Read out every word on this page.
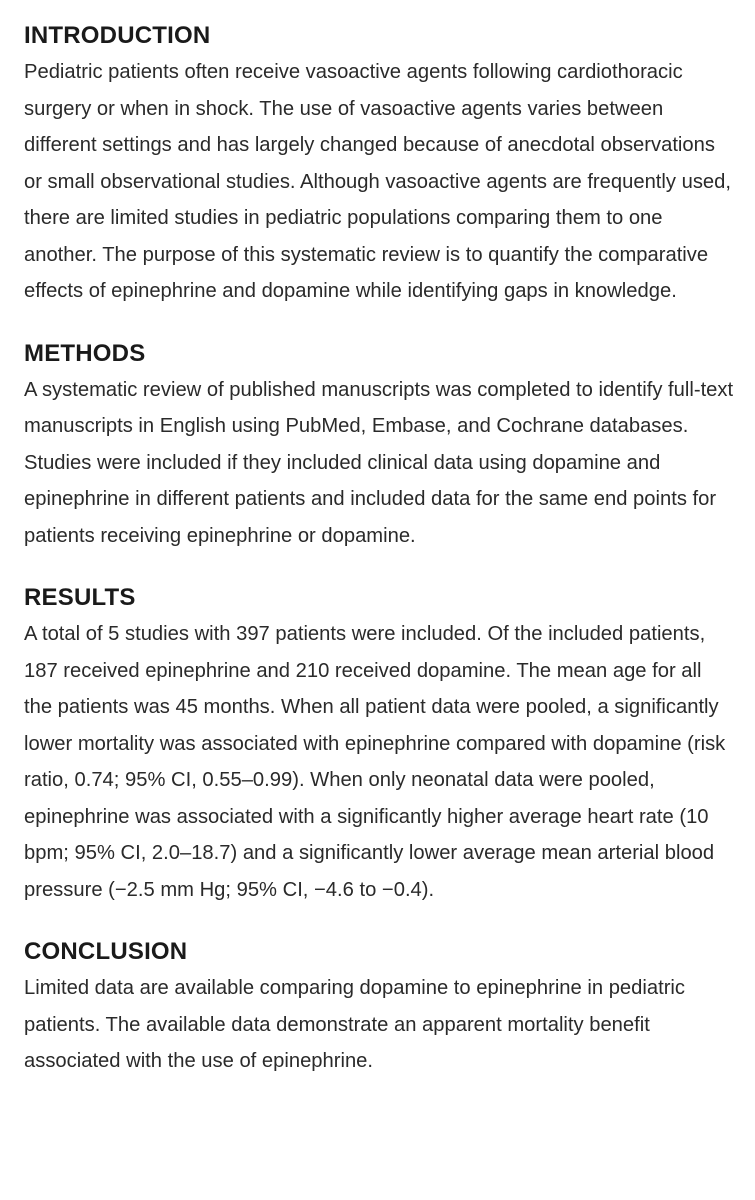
INTRODUCTION

Pediatric patients often receive vasoactive agents following cardiothoracic surgery or when in shock. The use of vasoactive agents varies between different settings and has largely changed because of anecdotal observations or small observational studies. Although vasoactive agents are frequently used, there are limited studies in pediatric populations comparing them to one another. The purpose of this systematic review is to quantify the comparative effects of epinephrine and dopamine while identifying gaps in knowledge.

METHODS

A systematic review of published manuscripts was completed to identify full-text manuscripts in English using PubMed, Embase, and Cochrane databases. Studies were included if they included clinical data using dopamine and epinephrine in different patients and included data for the same end points for patients receiving epinephrine or dopamine.

RESULTS

A total of 5 studies with 397 patients were included. Of the included patients, 187 received epinephrine and 210 received dopamine. The mean age for all the patients was 45 months. When all patient data were pooled, a significantly lower mortality was associated with epinephrine compared with dopamine (risk ratio, 0.74; 95% CI, 0.55–0.99). When only neonatal data were pooled, epinephrine was associated with a significantly higher average heart rate (10 bpm; 95% CI, 2.0–18.7) and a significantly lower average mean arterial blood pressure (−2.5 mm Hg; 95% CI, −4.6 to −0.4).

CONCLUSION

Limited data are available comparing dopamine to epinephrine in pediatric patients. The available data demonstrate an apparent mortality benefit associated with the use of epinephrine.
